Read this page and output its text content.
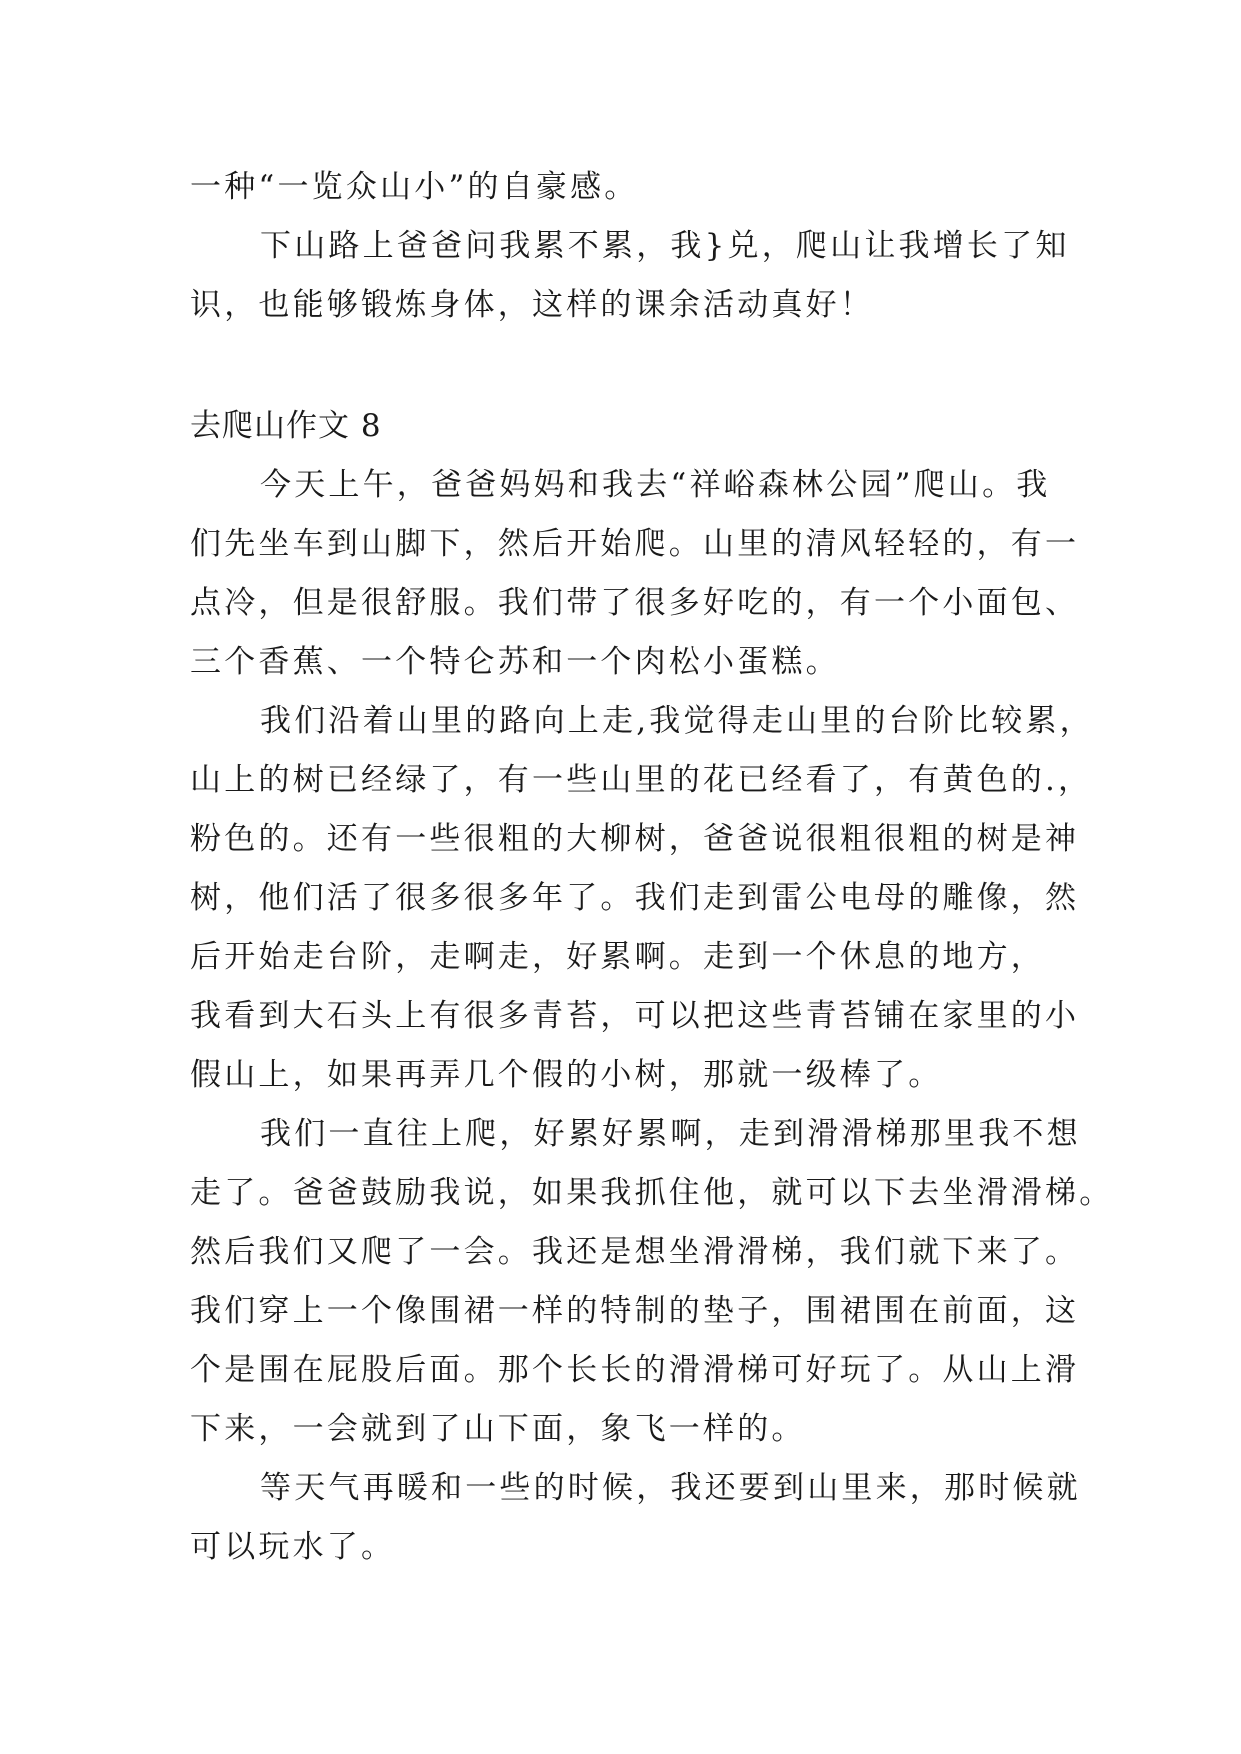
一种“一览众山小”的自豪感。
下山路上爸爸问我累不累，我}兑，爬山让我增长了知
识，也能够锻炼身体，这样的课余活动真好！
去爬山作文 8
今天上午，爸爸妈妈和我去“祥峪森林公园”爬山。我
们先坐车到山脚下，然后开始爬。山里的清风轻轻的，有一
点冷，但是很舒服。我们带了很多好吃的，有一个小面包、
三个香蕉、一个特仑苏和一个肉松小蛋糕。
我们沿着山里的路向上走,我觉得走山里的台阶比较累，
山上的树已经绿了，有一些山里的花已经看了，有黄色的.，
粉色的。还有一些很粗的大柳树，爸爸说很粗很粗的树是神
树，他们活了很多很多年了。我们走到雷公电母的雕像，然
后开始走台阶，走啊走，好累啊。走到一个休息的地方，
我看到大石头上有很多青苔，可以把这些青苔铺在家里的小
假山上，如果再弄几个假的小树，那就一级棒了。
我们一直往上爬，好累好累啊，走到滑滑梯那里我不想
走了。爸爸鼓励我说，如果我抓住他，就可以下去坐滑滑梯。
然后我们又爬了一会。我还是想坐滑滑梯，我们就下来了。
我们穿上一个像围裙一样的特制的垫子，围裙围在前面，这
个是围在屁股后面。那个长长的滑滑梯可好玩了。从山上滑
下来，一会就到了山下面，象飞一样的。
等天气再暖和一些的时候，我还要到山里来，那时候就
可以玩水了。
